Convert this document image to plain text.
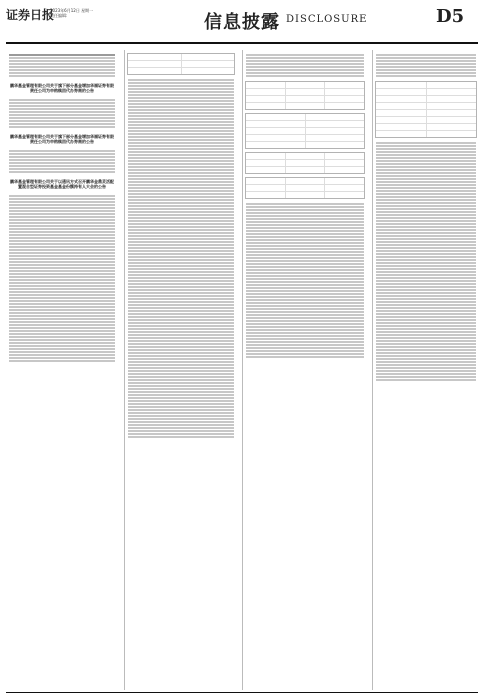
证券日报
2023年6月12日 星期一
责任编辑:	信息披露 DISCLOSURE	D5
鹏华基金管理有限公司关于旗下部分基金增加华福证券有限责任公司为申购赎回代办券商的公告
鹏华基金管理有限公司关于旗下部分基金增加华福证券有限责任公司为申购赎回代办券商的公告
鹏华基金管理有限公司关于以通讯方式召开鹏华金鼎灵活配置混合型证券投资基金基金份额持有人大会的公告
